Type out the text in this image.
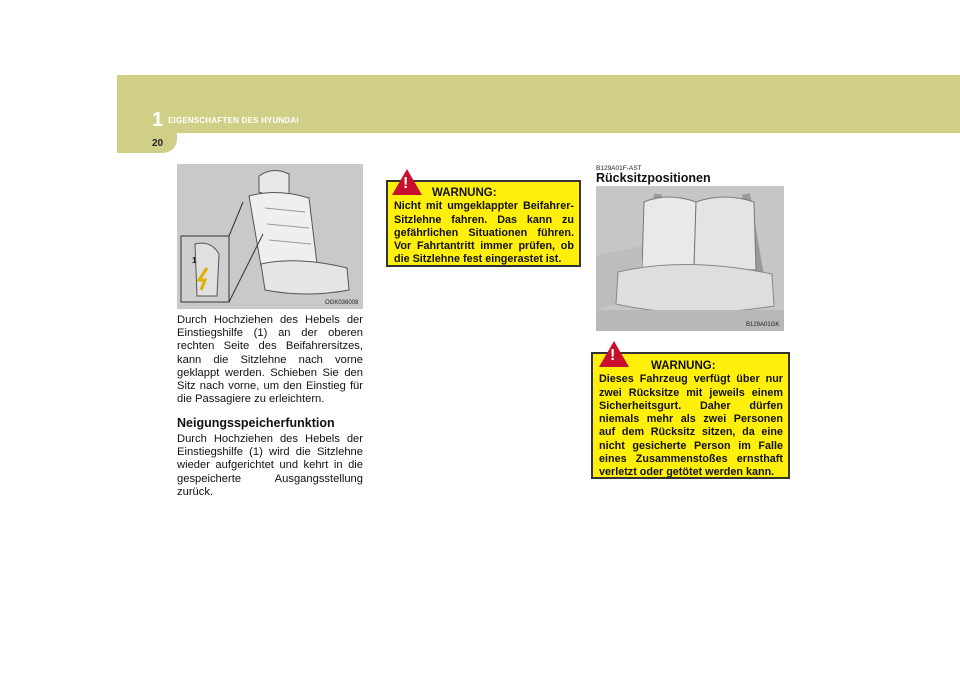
1 EIGENSCHAFTEN DES HYUNDAI
20
1
OGK036008
Durch Hochziehen des Hebels der Einstiegshilfe (1) an der oberen rechten Seite des Beifahrersitzes, kann die Sitzlehne nach vorne geklappt werden. Schieben Sie den Sitz nach vorne, um den Einstieg für die Passagiere zu erleichtern.
Neigungsspeicherfunktion
Durch Hochziehen des Hebels der Einstiegshilfe (1) wird die Sitzlehne wieder aufgerichtet und kehrt in die gespeicherte Ausgangsstellung zurück.
WARNUNG:
Nicht mit umgeklappter Beifahrer-Sitzlehne fahren. Das kann zu gefährlichen Situationen führen. Vor Fahrtantritt immer prüfen, ob die Sitzlehne fest eingerastet ist.
!
B129A01F-AST
Rücksitzpositionen
B129A01GK
WARNUNG:
Dieses Fahrzeug verfügt über nur zwei Rücksitze mit jeweils einem Sicherheitsgurt. Daher dürfen niemals mehr als zwei Personen auf dem Rücksitz sitzen, da eine nicht gesicherte Person im Falle eines Zusammenstoßes ernsthaft verletzt oder getötet werden kann.
!
